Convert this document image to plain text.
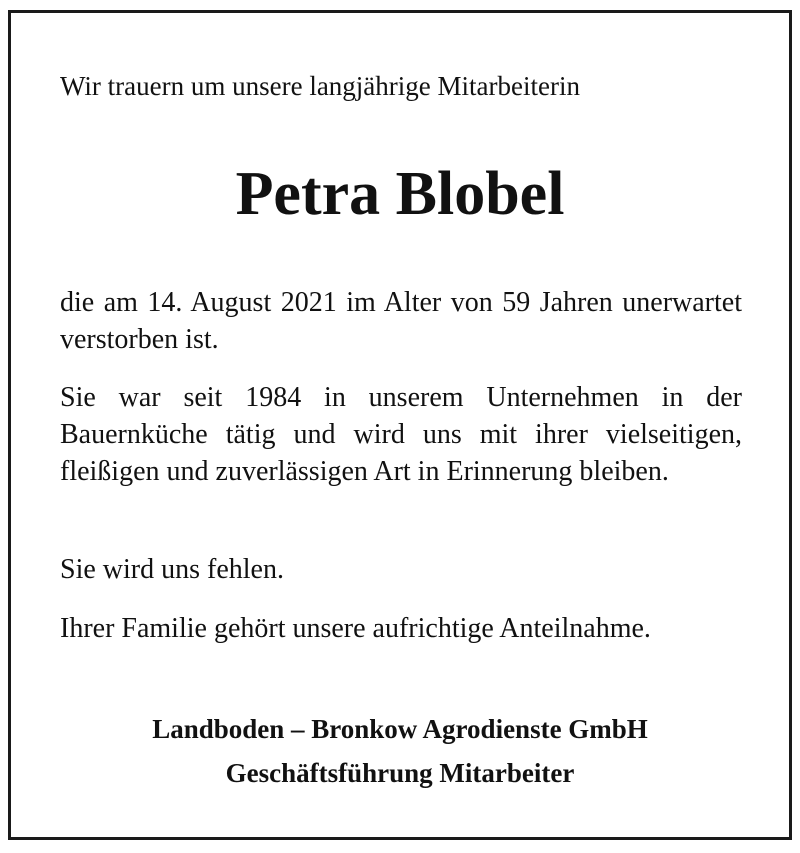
Wir trauern um unsere langjährige Mitarbeiterin
Petra Blobel
die am 14. August 2021 im Alter von 59 Jahren unerwartet verstorben ist.
Sie war seit 1984 in unserem Unternehmen in der Bauernküche tätig und wird uns mit ihrer vielseitigen, fleißigen und zuverlässigen Art in Erinnerung bleiben.
Sie wird uns fehlen.
Ihrer Familie gehört unsere aufrichtige Anteilnahme.
Landboden – Bronkow Agrodienste GmbH
Geschäftsführung Mitarbeiter
